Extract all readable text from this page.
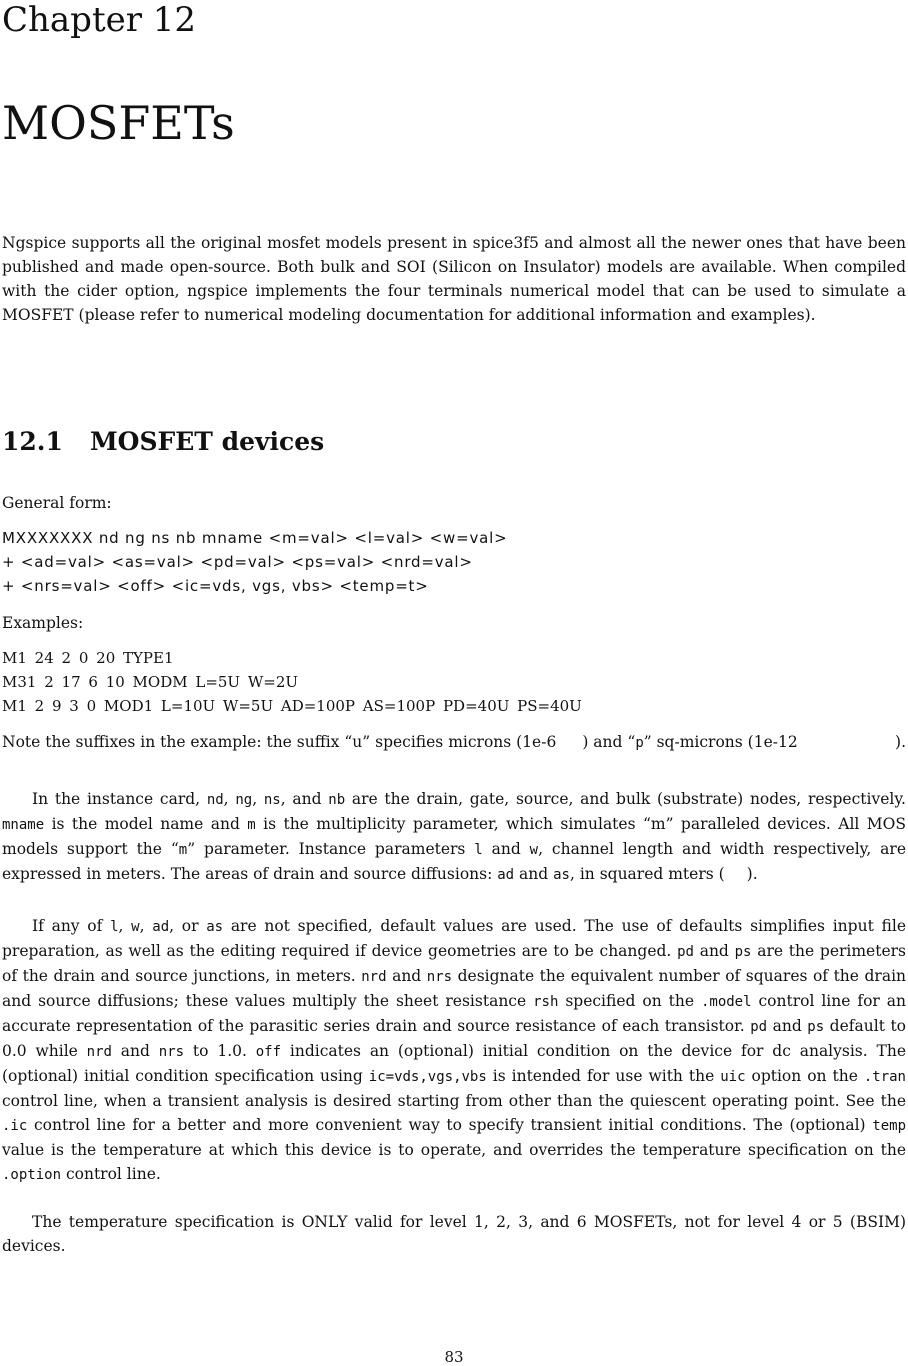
Chapter 12
MOSFETs

Ngspice supports all the original mosfet models present in spice3f5 and almost all the newer ones that have been published and made open-source. Both bulk and SOI (Silicon on Insulator) models are available. When compiled with the cider option, ngspice implements the four terminals numerical model that can be used to simulate a MOSFET (please refer to numerical modeling documentation for additional information and examples).

12.1 MOSFET devices
General form:
MXXXXXXX nd ng ns nb mname <m=val> <l=val> <w=val>
+ <ad=val> <as=val> <pd=val> <ps=val> <nrd=val>
+ <nrs=val> <off> <ic=vds, vgs, vbs> <temp=t>
Examples:
M1 24 2 0 20 TYPE1
M31 2 17 6 10 MODM L=5U W=2U
M1 2 9 3 0 MOD1 L=10U W=5U AD=100P AS=100P PD=40U PS=40U
Note the suffixes in the example: the suffix “u” specifies microns (1e-6 ) and “p” sq-microns (1e-12	).

In the instance card, nd, ng, ns, and nb are the drain, gate, source, and bulk (substrate) nodes, respectively. mname is the model name and m is the multiplicity parameter, which simulates “m” paralleled devices. All MOS models support the “m” parameter. Instance parameters l and w, channel length and width respectively, are expressed in meters. The areas of drain and source diffusions: ad and as, in squared mters ( ).

If any of l, w, ad, or as are not specified, default values are used. The use of defaults simplifies input file preparation, as well as the editing required if device geometries are to be changed. pd and ps are the perimeters of the drain and source junctions, in meters. nrd and nrs designate the equivalent number of squares of the drain and source diffusions; these values multiply the sheet resistance rsh specified on the .model control line for an accurate representation of the parasitic series drain and source resistance of each transistor. pd and ps default to 0.0 while nrd and nrs to 1.0. off indicates an (optional) initial condition on the device for dc analysis. The (optional) initial condition specification using ic=vds,vgs,vbs is intended for use with the uic option on the .tran control line, when a transient analysis is desired starting from other than the quiescent operating point. See the .ic control line for a better and more convenient way to specify transient initial conditions. The (optional) temp value is the temperature at which this device is to operate, and overrides the temperature specification on the .option control line.

The temperature specification is ONLY valid for level 1, 2, 3, and 6 MOSFETs, not for level 4 or 5 (BSIM) devices.

83
